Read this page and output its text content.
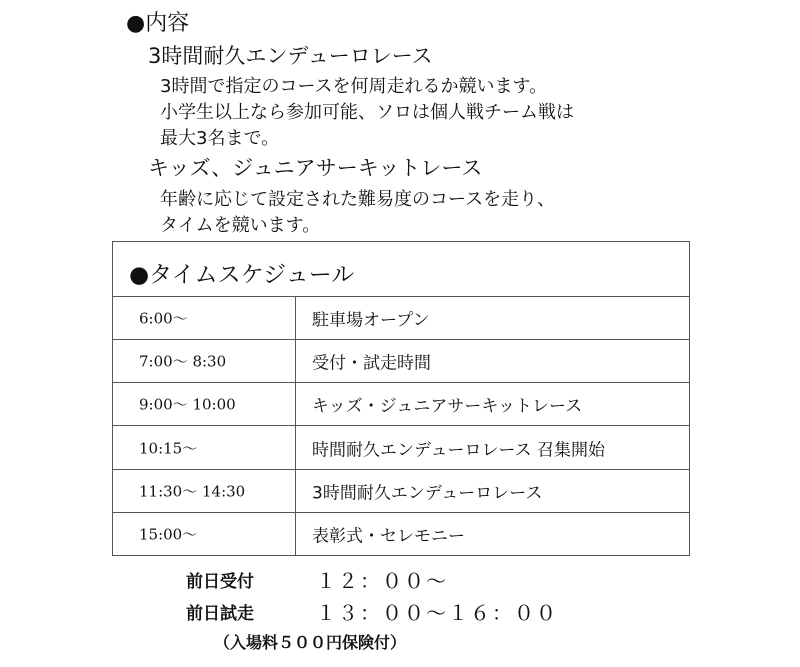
●内容
3時間耐久エンデューロレース
3時間で指定のコースを何周走れるか競います。
小学生以上なら参加可能、ソロは個人戦チーム戦は
最大3名まで。
キッズ、ジュニアサーキットレース
年齢に応じて設定された難易度のコースを走り、
タイムを競います。
●タイムスケジュール
6:00〜	駐車場オープン
7:00〜 8:30	受付・試走時間
9:00〜 10:00	キッズ・ジュニアサーキットレース
10:15〜	時間耐久エンデューロレース 召集開始
11:30〜 14:30	3時間耐久エンデューロレース
15:00〜	表彰式・セレモニー
前日受付	１２：００〜
前日試走	１３：００〜１６：００
（入場料５００円保険付）
